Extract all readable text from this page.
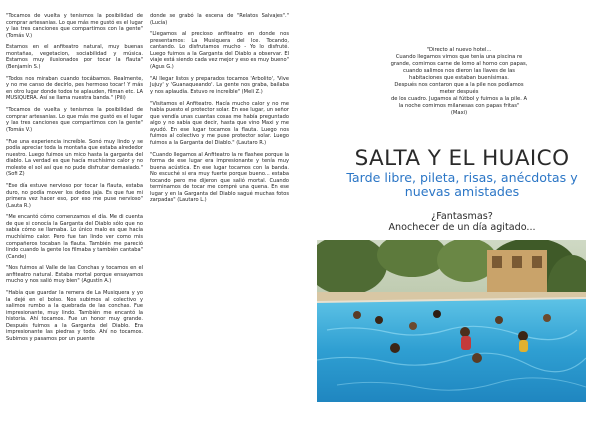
"Tocamos de vuelta y tenismos la posibilidad de comprar artesanias. Lo que más me gustó es el lugar y las tres canciones que compartimos con la gente" (Tomás V.)

Estamos en el anfiteatro natural, muy buenas montañas, vegetacion, sociabilidad y música. Estamos muy ilusionados por tocar la flauta" (Benjamín S.)

"Todos nos miraban cuando tocábamos. Realmente, y no me canso de decirlo, pes hermoso tocar! Y más en otro lugar donde todos te aplauden, filman etc. LA MUSIQUERA. Así se llama nuestra banda." (Pili)

"Tocamos de vuelta y tenismos la posibilidad de comprar artesanias. Lo que más me gustó es el lugar y las tres canciones que compartimos con la gente" (Tomás V.)

"Fue una experiencia increíble. Sonó muy lindo y se podía apreciar toda la montaña que estaba alrededor nuestro. Luego fuimos un mico hasta la garganta del diablo. La verdad es que hacía muchísimo calor y no moleste el sol así que no pude disfrutar demasiado." (Sofi Z)

"Ese día estuve nervioso por tocar la flauta, estaba duro, no podía mover los dedos jaja. Es que fue mi primera vez hacer eso, por eso me puse nervioso" (Lauta R.)

"Me encantó cómo comenzamos el día. Me di cuenta de que si conocía la Garganta del Diablo sólo que no sabía cómo se llamaba. Lo único malo es que hacía muchísimo calor. Pero fue tan lindo ver como mis compañeros tocaban la flauta. También me pareció lindo cuando la gente los filmaba y también cantaba" (Cande)

"Nos fuimos al Valle de las Conchas y tocamos en el anfiteatro natural. Estaba mortal porque ensayamos mucho y nos salió muy bien" (Agustín A.)

"Había que guardar la remera de La Musiquera y yo la dejé en el bolso. Nos subimos al colectivo y salimos rumbo a la quebrada de las conchas. Fue impresionante, muy lindo. También me encantó la historia. Ahí tocamos. Fue un honor muy grande. Después fuimos a la Garganta del Diablo. Era impresionante las piedras y todo. Ahí no tocamos. Subimos y pasamos por un puente

donde se grabó la escena de "Relatos Salvajes"." (Lucía)

"Llegamos al precioso anfiteatro en donde nos presentamos: La Musiquera del Ice. Tocando, cantando. Lo disfrutamos mucho - Yo lo disfruté. Luego fuimos a la Garganta del Diablo a observar. El viaje está siendo cada vez mejor y eso es muy bueno" (Agus G.)

"Al llegar listos y preparados tocamos 'Arbolito', 'Vive Jujuy' y 'Guanaqueando'. La gente nos graba, bailaba y nos aplaudía. Estuvo re increíble" (Meli Z.)

"Visitamos el Anfiteatro. Hacía mucho calor y no me había puesto el protector solar. En ese lugar, un señor que vendía unas cuantas cosas me había preguntado algo y no sabía que decir, hasta que vino Maxi y me ayudó. En ese lugar tocamos la flauta. Luego nos fuimos al colectivo y me puse protector solar. Luego fuimos a la Garganta del Diablo." (Lautaro R.)

"Cuando llegamos al Anfiteatro la re flashee porque la forma de ese lugar era impresionante y tenía muy buena acústica. En ese lugar tocamos con la banda. No escuché si era muy fuerte porque bueno... estaba tocando pero me dijeron que salió mortal. Cuando terminamos de tocar me compré una quena. En ese lugar y en la Garganta del Diablo sagué muchas fotos zarpadas" (Lautaro L.)

"Directo al nuevo hotel...
Cuando llegamos vimos que tenía una piscina re
grande, comimos carne de lomo al horno con papas,
cuando salimos nos dieron las llaves de las
habitaciones que estaban buenísimas.
Después nos contaron que a la pile nos podíamos
meter después
de los cuadro. Jugamos al fútbol y fuimos a la pile. A
la noche comimos milanesas con papas fritas"
(Maxi)
SALTA Y EL HUAICO
Tarde libre, pileta, risas, anécdotas y
nuevas amistades
¿Fantasmas?
Anochecer de un día agitado...
